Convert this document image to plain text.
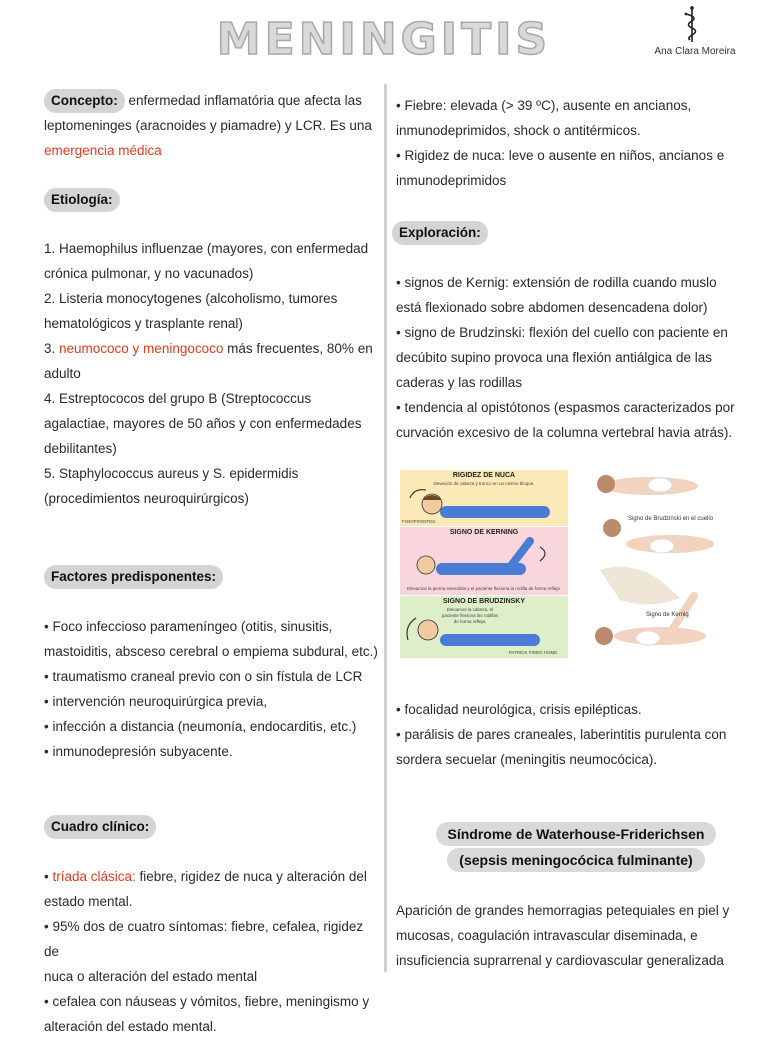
MENINGITIS	Ana Clara Moreira

Concepto: enfermedad inflamatória que afecta las

leptomeninges (aracnoides y piamadre) y LCR. Es una

emergencia médica

Etiología:

1. Haemophilus influenzae (mayores, con enfermedad

crónica pulmonar, y no vacunados)

2. Listeria monocytogenes (alcoholismo, tumores

hematológicos y trasplante renal)

3. neumococo y meningococo más frecuentes, 80% en

adulto

4. Estreptococos del grupo B (Streptococcus

agalactiae, mayores de 50 años y con enfermedades

debilitantes)

5. Staphylococcus aureus y S. epidermidis

(procedimientos neuroquirúrgicos)

Factores predisponentes:

• Foco infeccioso parameníngeo (otitis, sinusitis,

mastoiditis, absceso cerebral o empiema subdural, etc.)

• traumatismo craneal previo con o sin fístula de LCR

• intervención neuroquirúrgica previa,

• infección a distancia (neumonía, endocarditis, etc.)

• inmunodepresión subyacente.

Cuadro clínico:

• tríada clásica: fiebre, rigidez de nuca y alteración del

estado mental.

• 95% dos de cuatro síntomas: fiebre, cefalea, rigidez de

nuca o alteración del estado mental

• cefalea con náuseas y vómitos, fiebre, meningismo y

alteración del estado mental.

• Fiebre: elevada (> 39 ºC), ausente en ancianos,

inmunodeprimidos, shock o antitérmicos.

• Rigidez de nuca: leve o ausente en niños, ancianos e

inmunodeprimidos

Exploración:

• signos de Kernig: extensión de rodilla cuando muslo

está flexionado sobre abdomen desencadena dolor)

• signo de Brudzinski: flexión del cuello con paciente en

decúbito supino provoca una flexión antiálgica de las

caderas y las rodillas

• tendencia al opistótonos (espasmos caracterizados por

curvación excesivo de la columna vertebral havia atrás).

RIGIDEZ DE NUCA
Deveción de cabeza y tronco en un mismo bloque.
FISIOFRONTES
SIGNO DE KERNING
Elevamos la pierna extendida y el paciente flexiona la rodilla de forma refleja.
SIGNO DE BRUDZINSKY
Elevamos la cabeza, el paciente flexiona las rodillas de forma refleja.
PATRICK FIDEO HOME
Signo de Brudzinski en el cuello
Signo de Kernig

• focalidad neurológica, crisis epilépticas.

• parálisis de pares craneales, laberintitis purulenta con

sordera secuelar (meningitis neumocócica).

Síndrome de Waterhouse-Friderichsen
(sepsis meningocócica fulminante)

Aparición de grandes hemorragias petequiales en piel y

mucosas, coagulación intravascular diseminada, e

insuficiencia suprarrenal y cardiovascular generalizada
